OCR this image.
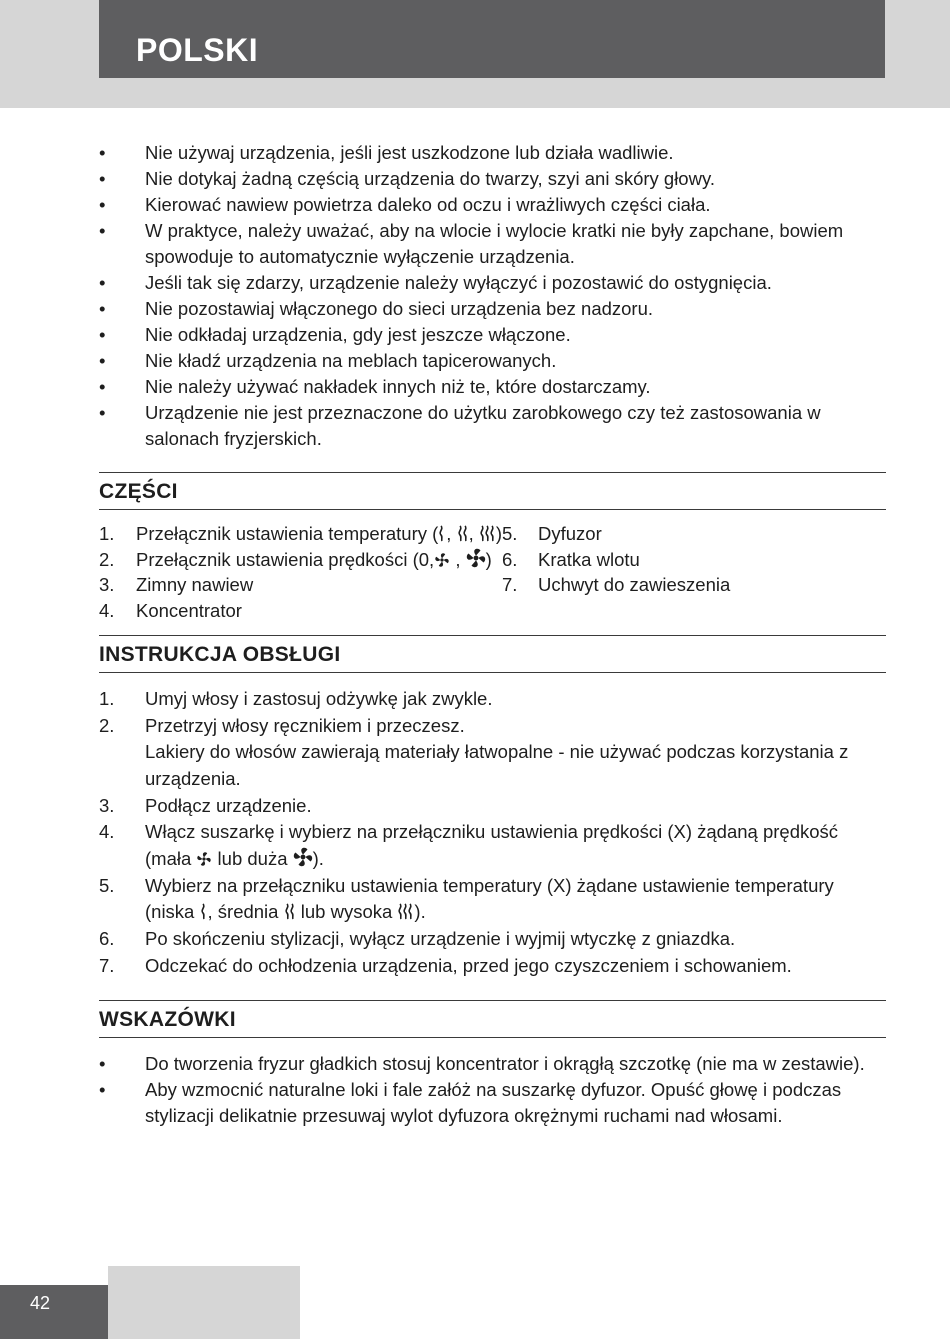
POLSKI
• Nie używaj urządzenia, jeśli jest uszkodzone lub działa wadliwie.
• Nie dotykaj żadną częścią urządzenia do twarzy, szyi ani skóry głowy.
• Kierować nawiew powietrza daleko od oczu i wrażliwych części ciała.
• W praktyce, należy uważać, aby na wlocie i wylocie kratki nie były zapchane, bowiem spowoduje to automatycznie wyłączenie urządzenia.
• Jeśli tak się zdarzy, urządzenie należy wyłączyć i pozostawić do ostygnięcia.
• Nie pozostawiaj włączonego do sieci urządzenia bez nadzoru.
• Nie odkładaj urządzenia, gdy jest jeszcze włączone.
• Nie kładź urządzenia na meblach tapicerowanych.
• Nie należy używać nakładek innych niż te, które dostarczamy.
• Urządzenie nie jest przeznaczone do użytku zarobkowego czy też zastosowania w salonach fryzjerskich.
CZĘŚCI
1. Przełącznik ustawienia temperatury ( , , )
2. Przełącznik ustawienia prędkości (0, , )
3. Zimny nawiew
4. Koncentrator
5. Dyfuzor
6. Kratka wlotu
7. Uchwyt do zawieszenia
INSTRUKCJA OBSŁUGI
1. Umyj włosy i zastosuj odżywkę jak zwykle.
2. Przetrzyj włosy ręcznikiem i przeczesz.
Lakiery do włosów zawierają materiały łatwopalne - nie używać podczas korzystania z urządzenia.
3. Podłącz urządzenie.
4. Włącz suszarkę i wybierz na przełączniku ustawienia prędkości (X) żądaną prędkość (mała lub duża ).
5. Wybierz na przełączniku ustawienia temperatury (X) żądane ustawienie temperatury (niska , średnia lub wysoka ).
6. Po skończeniu stylizacji, wyłącz urządzenie i wyjmij wtyczkę z gniazdka.
7. Odczekać do ochłodzenia urządzenia, przed jego czyszczeniem i schowaniem.
WSKAZÓWKI
• Do tworzenia fryzur gładkich stosuj koncentrator i okrągłą szczotkę (nie ma w zestawie).
• Aby wzmocnić naturalne loki i fale załóż na suszarkę dyfuzor. Opuść głowę i podczas stylizacji delikatnie przesuwaj wylot dyfuzora okrężnymi ruchami nad włosami.
42
